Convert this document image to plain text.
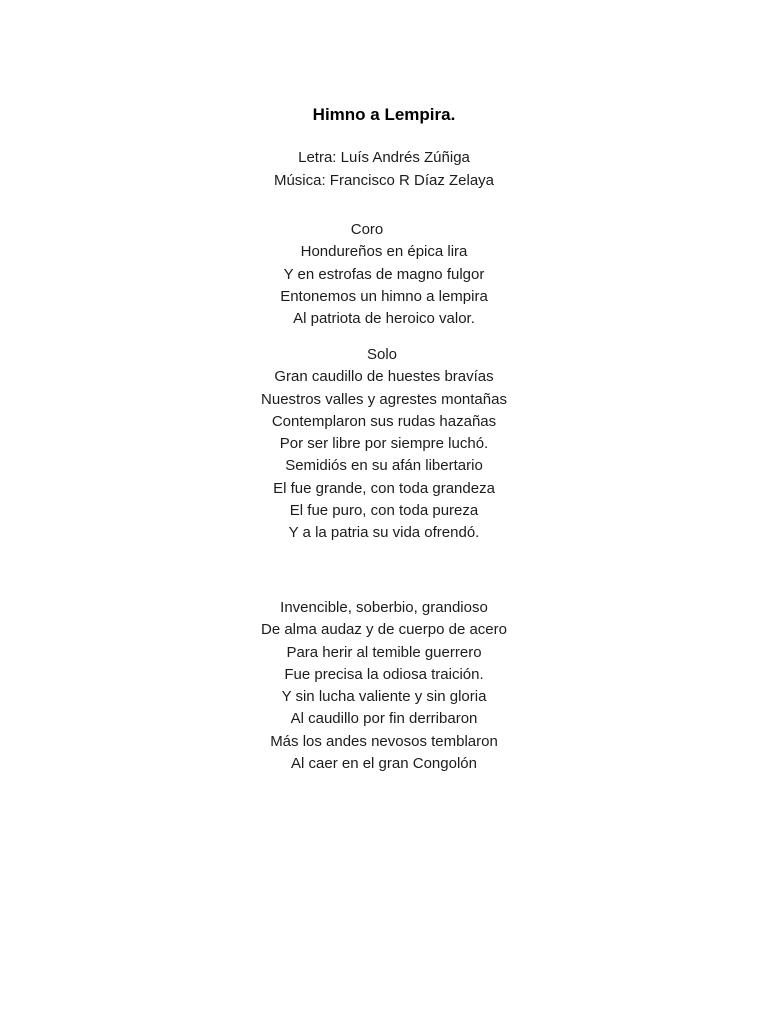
Himno a Lempira.
Letra: Luís Andrés Zúñiga
Música: Francisco R Díaz Zelaya
Coro
Hondureños en épica lira
Y en estrofas de magno fulgor
Entonemos un himno a lempira
Al patriota de heroico valor.
Solo
Gran caudillo de huestes bravías
Nuestros valles y agrestes montañas
Contemplaron sus rudas hazañas
Por ser libre por siempre luchó.
Semidiós en su afán libertario
El fue grande, con toda grandeza
El fue puro, con toda pureza
Y a la patria su vida ofrendó.
Invencible, soberbio, grandioso
De alma audaz y de cuerpo de acero
Para herir al temible guerrero
Fue precisa la odiosa traición.
Y sin lucha valiente y sin gloria
Al caudillo por fin derribaron
Más los andes nevosos temblaron
Al caer en el gran Congolón
